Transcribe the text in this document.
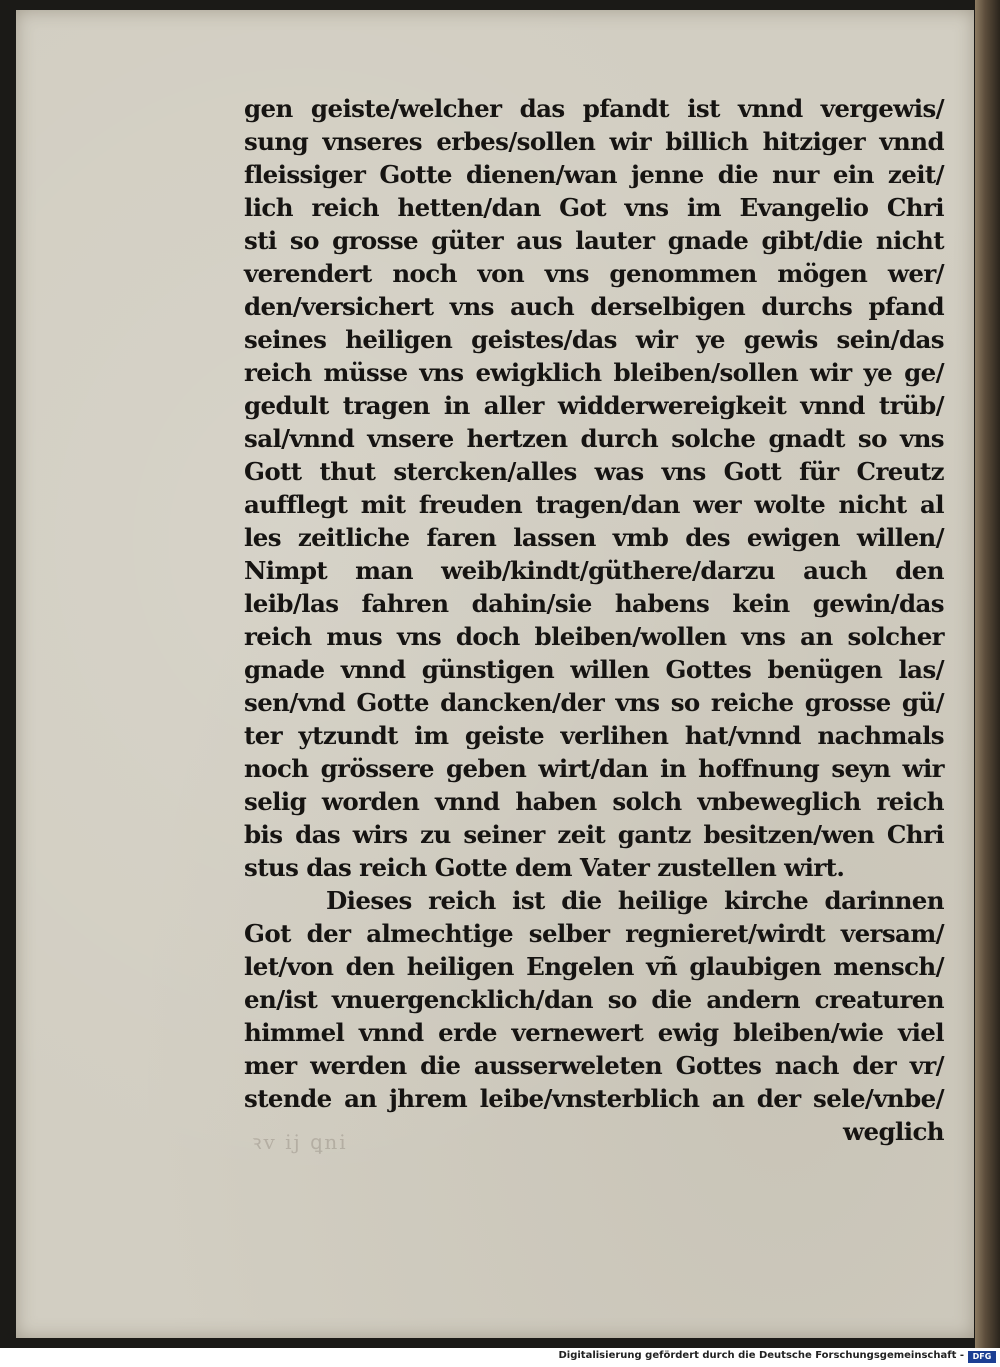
gen geiste/welcher das pfandt ist vnnd vergewis/
sung vnseres erbes/sollen wir billich hitziger vnnd
fleissiger Gotte dienen/wan jenne die nur ein zeit/
lich reich hetten/dan Got vns im Evangelio Chri
sti so grosse güter aus lauter gnade gibt/die nicht
verendert noch von vns genommen mögen wer/
den/versichert vns auch derselbigen durchs pfand
seines heiligen geistes/das wir ye gewis sein/das
reich müsse vns ewigklich bleiben/sollen wir ye ge/
gedult tragen in aller widderwereigkeit vnnd trüb/
sal/vnnd vnsere hertzen durch solche gnadt so vns
Gott thut stercken/alles was vns Gott für Creutz
aufflegt mit freuden tragen/dan wer wolte nicht al
les zeitliche faren lassen vmb des ewigen willen/
Nimpt man weib/kindt/güthere/darzu auch den
leib/las fahren dahin/sie habens kein gewin/das
reich mus vns doch bleiben/wollen vns an solcher
gnade vnnd günstigen willen Gottes benügen las/
sen/vnd Gotte dancken/der vns so reiche grosse gü/
ter ytzundt im geiste verlihen hat/vnnd nachmals
noch grössere geben wirt/dan in hoffnung seyn wir
selig worden vnnd haben solch vnbeweglich reich
bis das wirs zu seiner zeit gantz besitzen/wen Chri
stus das reich Gotte dem Vater zustellen wirt.
Dieses reich ist die heilige kirche darinnen
Got der almechtige selber regnieret/wirdt versam/
let/von den heiligen Engelen vñ glaubigen mensch/
en/ist vnuergencklich/dan so die andern creaturen
himmel vnnd erde vernewert ewig bleiben/wie viel
mer werden die ausserweleten Gottes nach der vr/
stende an jhrem leibe/vnsterblich an der sele/vnbe/
weglich
ꝛv ij ꝗni
Digitalisierung gefördert durch die Deutsche Forschungsgemeinschaft -	DFG
